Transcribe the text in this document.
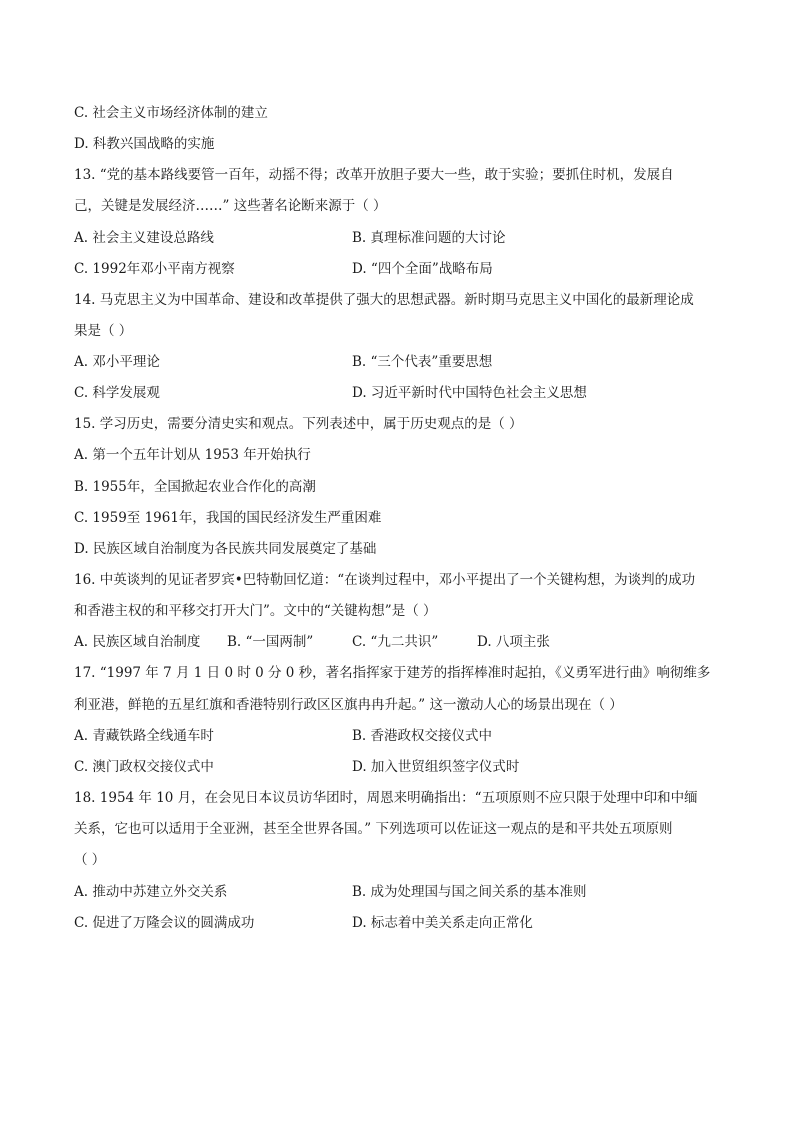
C. 社会主义市场经济体制的建立
D. 科教兴国战略的实施
13. “党的基本路线要管一百年，动摇不得；改革开放胆子要大一些，敢于实验；要抓住时机，发展自
己，关键是发展经济……” 这些著名论断来源于（ ）
A. 社会主义建设总路线	B. 真理标准问题的大讨论
C. 1992年邓小平南方视察	D. “四个全面”战略布局
14. 马克思主义为中国革命、建设和改革提供了强大的思想武器。新时期马克思主义中国化的最新理论成
果是（ ）
A. 邓小平理论	B. “三个代表”重要思想
C. 科学发展观	D. 习近平新时代中国特色社会主义思想
15. 学习历史，需要分清史实和观点。下列表述中，属于历史观点的是（ ）
A. 第一个五年计划从 1953 年开始执行
B. 1955年，全国掀起农业合作化的高潮
C. 1959至 1961年，我国的国民经济发生严重困难
D. 民族区域自治制度为各民族共同发展奠定了基础
16. 中英谈判的见证者罗宾•巴特勒回忆道：“在谈判过程中，邓小平提出了一个关键构想，为谈判的成功
和香港主权的和平移交打开大门”。文中的“关键构想”是（ ）
A. 民族区域自治制度 B. “一国两制”	C. “九二共识”	D. 八项主张
17. “1997 年 7 月 1 日 0 时 0 分 0 秒，著名指挥家于建芳的指挥棒准时起拍，《义勇军进行曲》响彻维多
利亚港，鲜艳的五星红旗和香港特别行政区区旗冉冉升起。” 这一激动人心的场景出现在（ ）
A. 青藏铁路全线通车时	B. 香港政权交接仪式中
C. 澳门政权交接仪式中	D. 加入世贸组织签字仪式时
18. 1954 年 10 月，在会见日本议员访华团时，周恩来明确指出：“五项原则不应只限于处理中印和中缅
关系，它也可以适用于全亚洲，甚至全世界各国。” 下列选项可以佐证这一观点的是和平共处五项原则
（ ）
A. 推动中苏建立外交关系	B. 成为处理国与国之间关系的基本准则
C. 促进了万隆会议的圆满成功	D. 标志着中美关系走向正常化
